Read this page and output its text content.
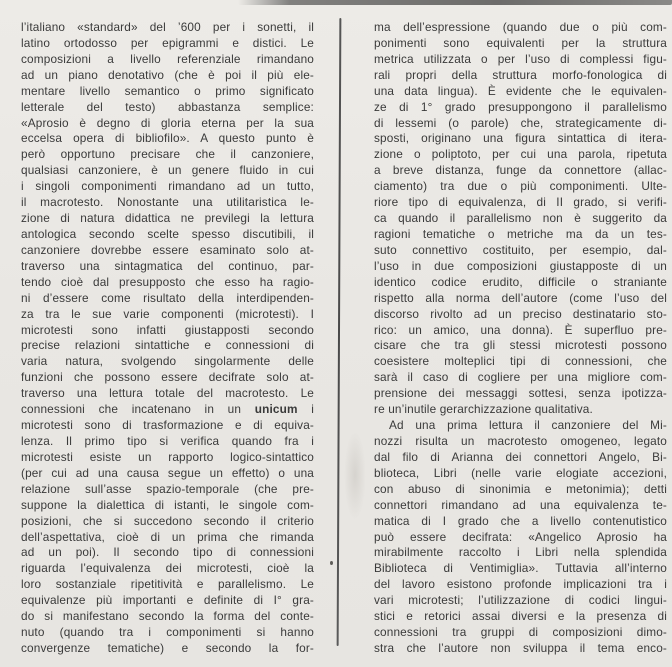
l’italiano «standard» del ’600 per i sonetti, il
latino ortodosso per epigrammi e distici. Le
composizioni a livello referenziale rimandano
ad un piano denotativo (che è poi il più ele-
mentare livello semantico o primo significato
letterale del testo) abbastanza semplice:
«Aprosio è degno di gloria eterna per la sua
eccelsa opera di bibliofilo». A questo punto è
però opportuno precisare che il canzoniere,
qualsiasi canzoniere, è un genere fluido in cui
i singoli componimenti rimandano ad un tutto,
il macrotesto. Nonostante una utilitaristica le-
zione di natura didattica ne previlegi la lettura
antologica secondo scelte spesso discutibili, il
canzoniere dovrebbe essere esaminato solo at-
traverso una sintagmatica del continuo, par-
tendo cioè dal presupposto che esso ha ragio-
ni d’essere come risultato della interdipenden-
za tra le sue varie componenti (microtesti). I
microtesti sono infatti giustapposti secondo
precise relazioni sintattiche e connessioni di
varia natura, svolgendo singolarmente delle
funzioni che possono essere decifrate solo at-
traverso una lettura totale del macrotesto. Le
connessioni che incatenano in un unicum i
microtesti sono di trasformazione e di equiva-
lenza. Il primo tipo si verifica quando fra i
microtesti esiste un rapporto logico-sintattico
(per cui ad una causa segue un effetto) o una
relazione sull’asse spazio-temporale (che pre-
suppone la dialettica di istanti, le singole com-
posizioni, che si succedono secondo il criterio
dell’aspettativa, cioè di un prima che rimanda
ad un poi). Il secondo tipo di connessioni
riguarda l’equivalenza dei microtesti, cioè la
loro sostanziale ripetitività e parallelismo. Le
equivalenze più importanti e definite di I° gra-
do si manifestano secondo la forma del conte-
nuto (quando tra i componimenti si hanno
convergenze tematiche) e secondo la for-
ma dell’espressione (quando due o più com-
ponimenti sono equivalenti per la struttura
metrica utilizzata o per l’uso di complessi figu-
rali propri della struttura morfo-fonologica di
una data lingua). È evidente che le equivalen-
ze di 1° grado presuppongono il parallelismo
di lessemi (o parole) che, strategicamente di-
sposti, originano una figura sintattica di itera-
zione o poliptoto, per cui una parola, ripetuta
a breve distanza, funge da connettore (allac-
ciamento) tra due o più componimenti. Ulte-
riore tipo di equivalenza, di II grado, si verifi-
ca quando il parallelismo non è suggerito da
ragioni tematiche o metriche ma da un tes-
suto connettivo costituito, per esempio, dal-
l’uso in due composizioni giustapposte di un
identico codice erudito, difficile o straniante
rispetto alla norma dell’autore (come l’uso del
discorso rivolto ad un preciso destinatario sto-
rico: un amico, una donna). È superfluo pre-
cisare che tra gli stessi microtesti possono
coesistere molteplici tipi di connessioni, che
sarà il caso di cogliere per una migliore com-
prensione dei messaggi sottesi, senza ipotizza-
re un’inutile gerarchizzazione qualitativa.
Ad una prima lettura il canzoniere del Mi-
nozzi risulta un macrotesto omogeneo, legato
dal filo di Arianna dei connettori Angelo, Bi-
blioteca, Libri (nelle varie elogiate accezioni,
con abuso di sinonimia e metonimia); detti
connettori rimandano ad una equivalenza te-
matica di I grado che a livello contenutistico
può essere decifrata: «Angelico Aprosio ha
mirabilmente raccolto i Libri nella splendida
Biblioteca di Ventimiglia». Tuttavia all’interno
del lavoro esistono profonde implicazioni tra i
vari microtesti; l’utilizzazione di codici lingui-
stici e retorici assai diversi e la presenza di
connessioni tra gruppi di composizioni dimo-
stra che l’autore non sviluppa il tema enco-
